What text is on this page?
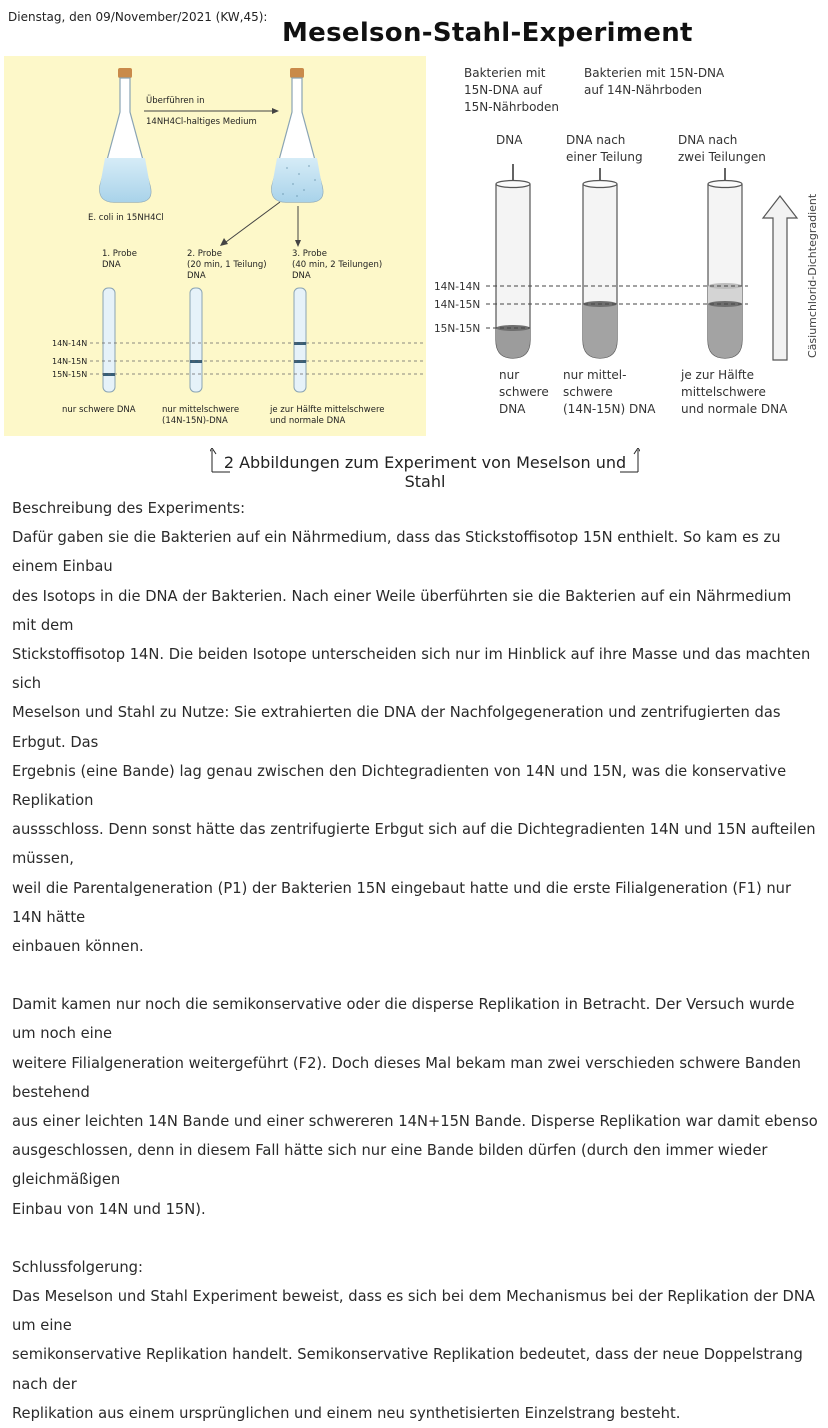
Dienstag, den 09/November/2021 (KW,45):
Meselson-Stahl-Experiment
Überführen in
14NH4Cl-haltiges Medium
E. coli in 15NH4Cl
1. Probe
DNA
2. Probe
(20 min, 1 Teilung)
DNA
3. Probe
(40 min, 2 Teilungen)
DNA
14N-14N
14N-15N
15N-15N
nur schwere DNA	nur mittelschwere
(14N-15N)-DNA
je zur Hälfte mittelschwere
und normale DNA
Bakterien mit
15N-DNA auf
15N-Nährboden
Bakterien mit 15N-DNA
auf 14N-Nährboden
DNA	DNA nach
einer Teilung
DNA nach
zwei Teilungen
14N-14N
14N-15N
15N-15N	Cäsiumchlorid-Dichtegradient
nur
schwere
DNA
nur mittel-
schwere
(14N-15N) DNA
je zur Hälfte
mittelschwere
und normale DNA
2 Abbildungen zum Experiment von Meselson und Stahl

Beschreibung des Experiments:

Dafür gaben sie die Bakterien auf ein Nährmedium, dass das Stickstoffisotop 15N enthielt. So kam es zu einem Einbau

des Isotops in die DNA der Bakterien. Nach einer Weile überführten sie die Bakterien auf ein Nährmedium mit dem

Stickstoffisotop 14N. Die beiden Isotope unterscheiden sich nur im Hinblick auf ihre Masse und das machten sich

Meselson und Stahl zu Nutze: Sie extrahierten die DNA der Nachfolgegeneration und zentrifugierten das Erbgut. Das

Ergebnis (eine Bande) lag genau zwischen den Dichtegradienten von 14N und 15N, was die konservative Replikation

aussschloss. Denn sonst hätte das zentrifugierte Erbgut sich auf die Dichtegradienten 14N und 15N aufteilen müssen,

weil die Parentalgeneration (P1) der Bakterien 15N eingebaut hatte und die erste Filialgeneration (F1) nur 14N hätte

einbauen können.

Damit kamen nur noch die semikonservative oder die disperse Replikation in Betracht. Der Versuch wurde um noch eine

weitere Filialgeneration weitergeführt (F2). Doch dieses Mal bekam man zwei verschieden schwere Banden bestehend

aus einer leichten 14N Bande und einer schwereren 14N+15N Bande. Disperse Replikation war damit ebenso

ausgeschlossen, denn in diesem Fall hätte sich nur eine Bande bilden dürfen (durch den immer wieder gleichmäßigen

Einbau von 14N und 15N).

Schlussfolgerung:

Das Meselson und Stahl Experiment beweist, dass es sich bei dem Mechanismus bei der Replikation der DNA um eine

semikonservative Replikation handelt. Semikonservative Replikation bedeutet, dass der neue Doppelstrang nach der

Replikation aus einem ursprünglichen und einem neu synthetisierten Einzelstrang besteht.
